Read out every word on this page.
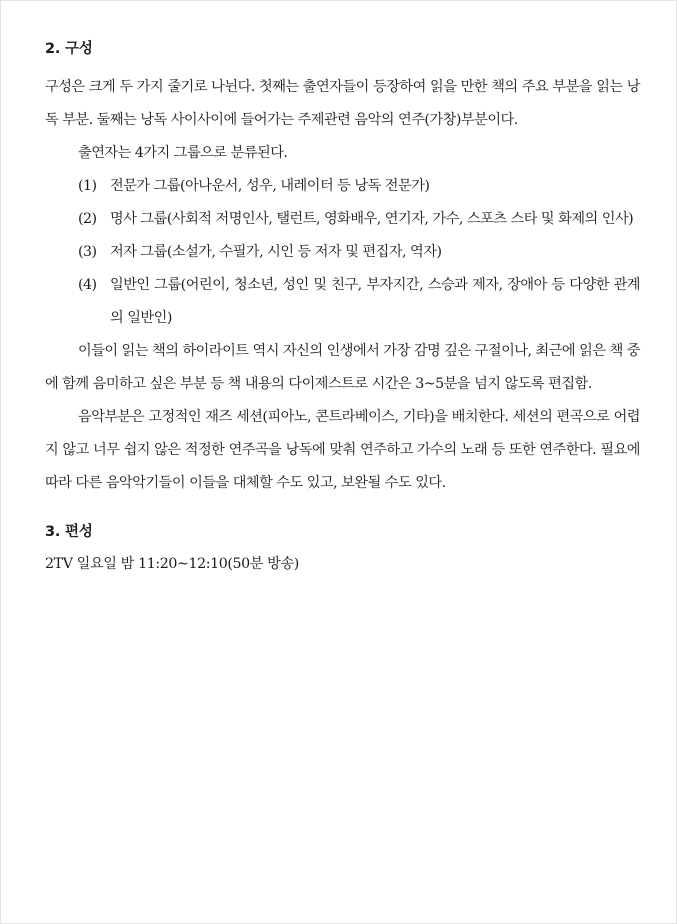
2. 구성

구성은 크게 두 가지 줄기로 나뉜다. 첫째는 출연자들이 등장하여 읽을 만한 책의 주요 부분을 읽는 낭독 부분. 둘째는 낭독 사이사이에 들어가는 주제관련 음악의 연주(가창)부분이다.

출연자는 4가지 그룹으로 분류된다.

(1) 전문가 그룹(아나운서, 성우, 내레이터 등 낭독 전문가)
(2) 명사 그룹(사회적 저명인사, 탤런트, 영화배우, 연기자, 가수, 스포츠 스타 및 화제의 인사)
(3) 저자 그룹(소설가, 수필가, 시인 등 저자 및 편집자, 역자)
(4) 일반인 그룹(어린이, 청소년, 성인 및 친구, 부자지간, 스승과 제자, 장애아 등 다양한 관계의 일반인)

이들이 읽는 책의 하이라이트 역시 자신의 인생에서 가장 감명 깊은 구절이나, 최근에 읽은 책 중에 함께 음미하고 싶은 부분 등 책 내용의 다이제스트로 시간은 3~5분을 넘지 않도록 편집함.

음악부분은 고정적인 재즈 세션(피아노, 콘트라베이스, 기타)을 배치한다. 세션의 편곡으로 어렵지 않고 너무 쉽지 않은 적정한 연주곡을 낭독에 맞춰 연주하고 가수의 노래 등 또한 연주한다. 필요에 따라 다른 음악악기들이 이들을 대체할 수도 있고, 보완될 수도 있다.

3. 편성
2TV 일요일 밤 11:20~12:10(50분 방송)
